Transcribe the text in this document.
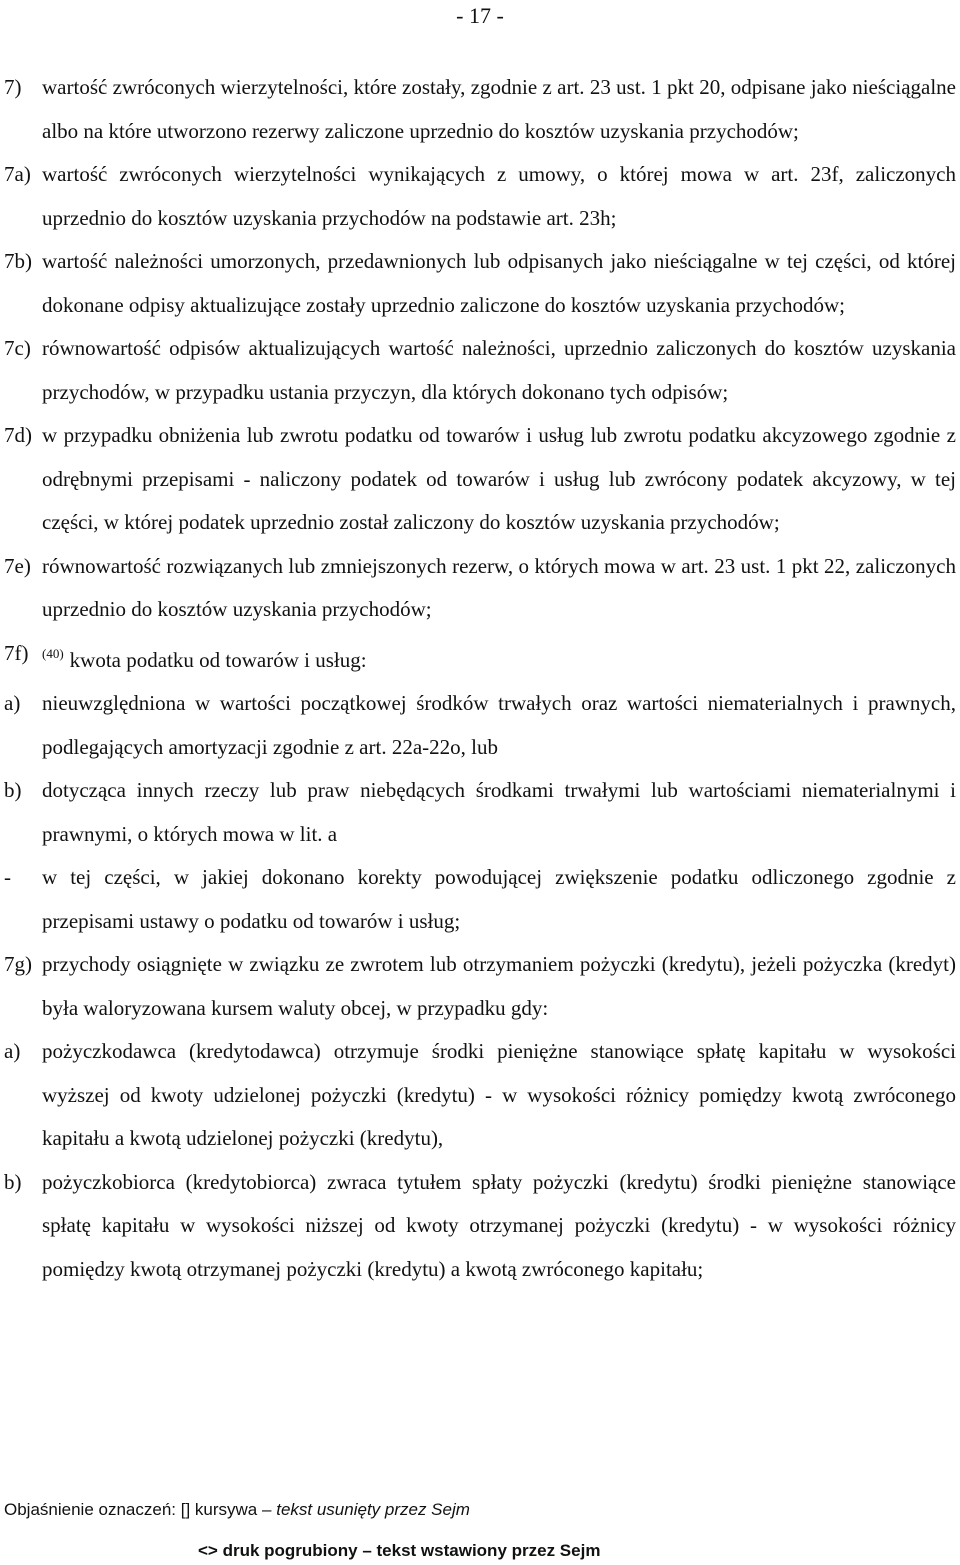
- 17 -
7) wartość zwróconych wierzytelności, które zostały, zgodnie z art. 23 ust. 1 pkt 20, odpisane jako nieściągalne albo na które utworzono rezerwy zaliczone uprzednio do kosztów uzyskania przychodów;
7a) wartość zwróconych wierzytelności wynikających z umowy, o której mowa w art. 23f, zaliczonych uprzednio do kosztów uzyskania przychodów na podstawie art. 23h;
7b) wartość należności umorzonych, przedawnionych lub odpisanych jako nieściągalne w tej części, od której dokonane odpisy aktualizujące zostały uprzednio zaliczone do kosztów uzyskania przychodów;
7c) równowartość odpisów aktualizujących wartość należności, uprzednio zaliczonych do kosztów uzyskania przychodów, w przypadku ustania przyczyn, dla których dokonano tych odpisów;
7d) w przypadku obniżenia lub zwrotu podatku od towarów i usług lub zwrotu podatku akcyzowego zgodnie z odrębnymi przepisami - naliczony podatek od towarów i usług lub zwrócony podatek akcyzowy, w tej części, w której podatek uprzednio został zaliczony do kosztów uzyskania przychodów;
7e) równowartość rozwiązanych lub zmniejszonych rezerw, o których mowa w art. 23 ust. 1 pkt 22, zaliczonych uprzednio do kosztów uzyskania przychodów;
7f) $^{(40)}$ kwota podatku od towarów i usług:
a) nieuwzględniona w wartości początkowej środków trwałych oraz wartości niematerialnych i prawnych, podlegających amortyzacji zgodnie z art. 22a-22o, lub
b) dotycząca innych rzeczy lub praw niebędących środkami trwałymi lub wartościami niematerialnymi i prawnymi, o których mowa w lit. a
- w tej części, w jakiej dokonano korekty powodującej zwiększenie podatku odliczonego zgodnie z przepisami ustawy o podatku od towarów i usług;
7g) przychody osiągnięte w związku ze zwrotem lub otrzymaniem pożyczki (kredytu), jeżeli pożyczka (kredyt) była waloryzowana kursem waluty obcej, w przypadku gdy:
a) pożyczkodawca (kredytodawca) otrzymuje środki pieniężne stanowiące spłatę kapitału w wysokości wyższej od kwoty udzielonej pożyczki (kredytu) - w wysokości różnicy pomiędzy kwotą zwróconego kapitału a kwotą udzielonej pożyczki (kredytu),
b) pożyczkobiorca (kredytobiorca) zwraca tytułem spłaty pożyczki (kredytu) środki pieniężne stanowiące spłatę kapitału w wysokości niższej od kwoty otrzymanej pożyczki (kredytu) - w wysokości różnicy pomiędzy kwotą otrzymanej pożyczki (kredytu) a kwotą zwróconego kapitału;
Objaśnienie oznaczeń: [] kursywa – tekst usunięty przez Sejm
<> druk pogrubiony – tekst wstawiony przez Sejm
